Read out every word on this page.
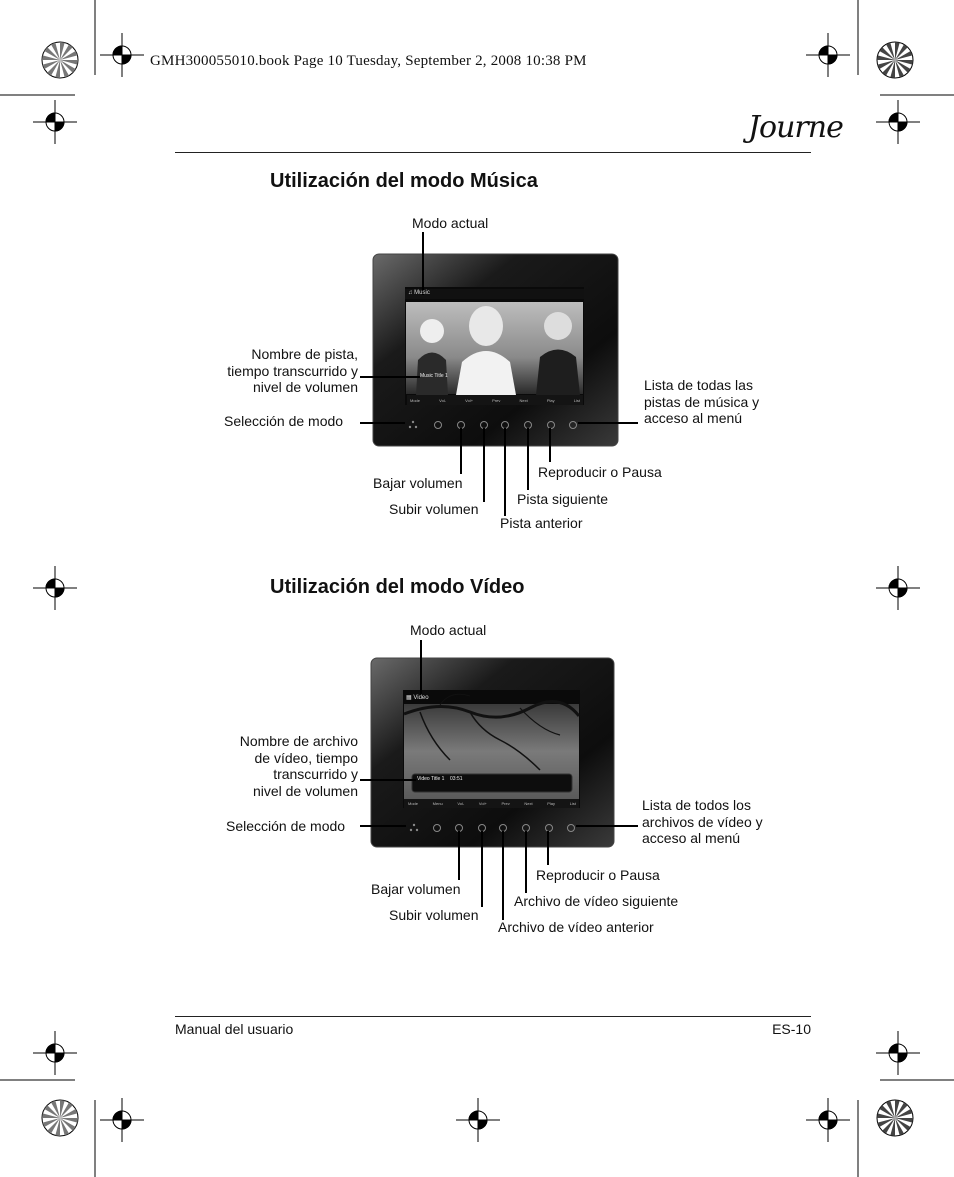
GMH300055010.book Page 10 Tuesday, September 2, 2008 10:38 PM
Journe
Utilización del modo Música
♫ Music
Music Title 1
Mode	Vol-	Vol+	Prev	Next	Play	List
Modo actual
Nombre de pista,
tiempo transcurrido y
nivel de volumen
Selección de modo
Lista de todas las
pistas de música y
acceso al menú
Reproducir o Pausa
Bajar volumen
Pista siguiente
Subir volumen
Pista anterior
Utilización del modo Vídeo
▦ Video
Video Title 1 03:51
Mode	Menu	Vol-	Vol+	Prev	Next	Play	List
Modo actual
Nombre de archivo
de vídeo, tiempo
transcurrido y
nivel de volumen
Selección de modo
Lista de todos los
archivos de vídeo y
acceso al menú
Reproducir o Pausa
Bajar volumen
Archivo de vídeo siguiente
Subir volumen
Archivo de vídeo anterior
Manual del usuario	ES-10
